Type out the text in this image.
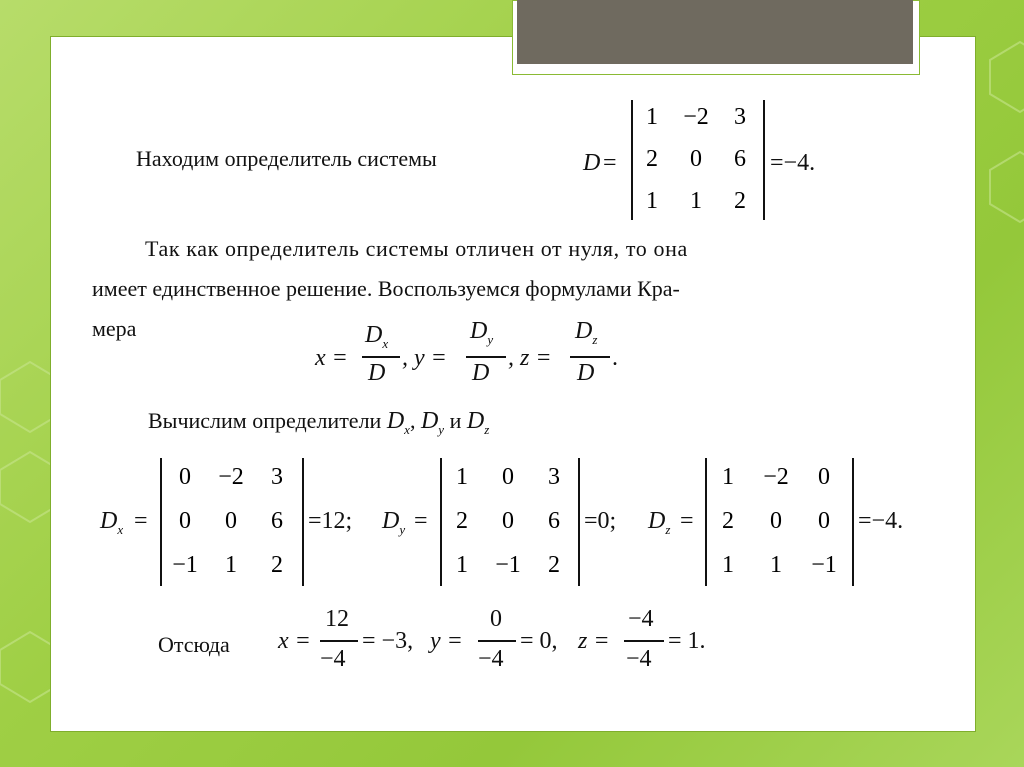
Находим определитель системы	D =
1	−2	3
2	0	6
1	1	2
=−4.
Так как определитель системы отличен от нуля, то она
имеет единственное решение. Воспользуемся формулами Кра-
мера
x =
$D_x$
D
, y =
$D_y$
D
, z =
$D_z$
D
.
Вычислим определители $D_x$, $D_y$ и $D_z$
$D_x$ =
0	−2	3
0	0	6
−1	1	2
=12; $D_y$ =
1	0	3
2	0	6
1	−1	2
=0; $D_z$ =
1	−2	0
2	0	0
1	1	−1
=−4.
Отсюда x =
12
−4
= −3, y =
0
−4
= 0, z =
−4
−4
= 1.
